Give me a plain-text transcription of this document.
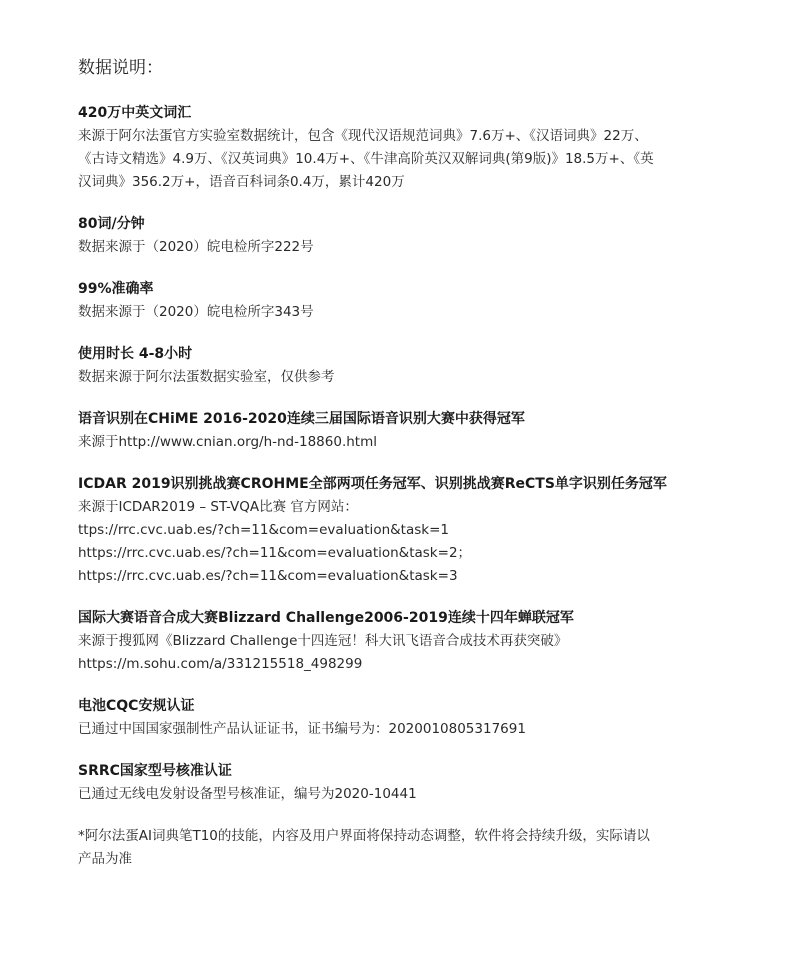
数据说明：
420万中英文词汇
来源于阿尔法蛋官方实验室数据统计，包含《现代汉语规范词典》7.6万+、《汉语词典》22万、
《古诗文精选》4.9万、《汉英词典》10.4万+、《牛津高阶英汉双解词典(第9版)》18.5万+、《英
汉词典》356.2万+，语音百科词条0.4万，累计420万
80词/分钟
数据来源于（2020）皖电检所字222号
99%准确率
数据来源于（2020）皖电检所字343号
使用时长 4-8小时
数据来源于阿尔法蛋数据实验室，仅供参考
语音识别在CHiME 2016-2020连续三届国际语音识别大赛中获得冠军
来源于http://www.cnian.org/h-nd-18860.html
ICDAR 2019识别挑战赛CROHME全部两项任务冠军、识别挑战赛ReCTS单字识别任务冠军
来源于ICDAR2019 – ST-VQA比赛 官方网站：
ttps://rrc.cvc.uab.es/?ch=11&com=evaluation&task=1
https://rrc.cvc.uab.es/?ch=11&com=evaluation&task=2；
https://rrc.cvc.uab.es/?ch=11&com=evaluation&task=3
国际大赛语音合成大赛Blizzard Challenge2006-2019连续十四年蝉联冠军
来源于搜狐网《Blizzard Challenge十四连冠！科大讯飞语音合成技术再获突破》
https://m.sohu.com/a/331215518_498299
电池CQC安规认证
已通过中国国家强制性产品认证证书，证书编号为：2020010805317691
SRRC国家型号核准认证
已通过无线电发射设备型号核准证，编号为2020-10441
*阿尔法蛋AI词典笔T10的技能，内容及用户界面将保持动态调整，软件将会持续升级，实际请以
产品为准
